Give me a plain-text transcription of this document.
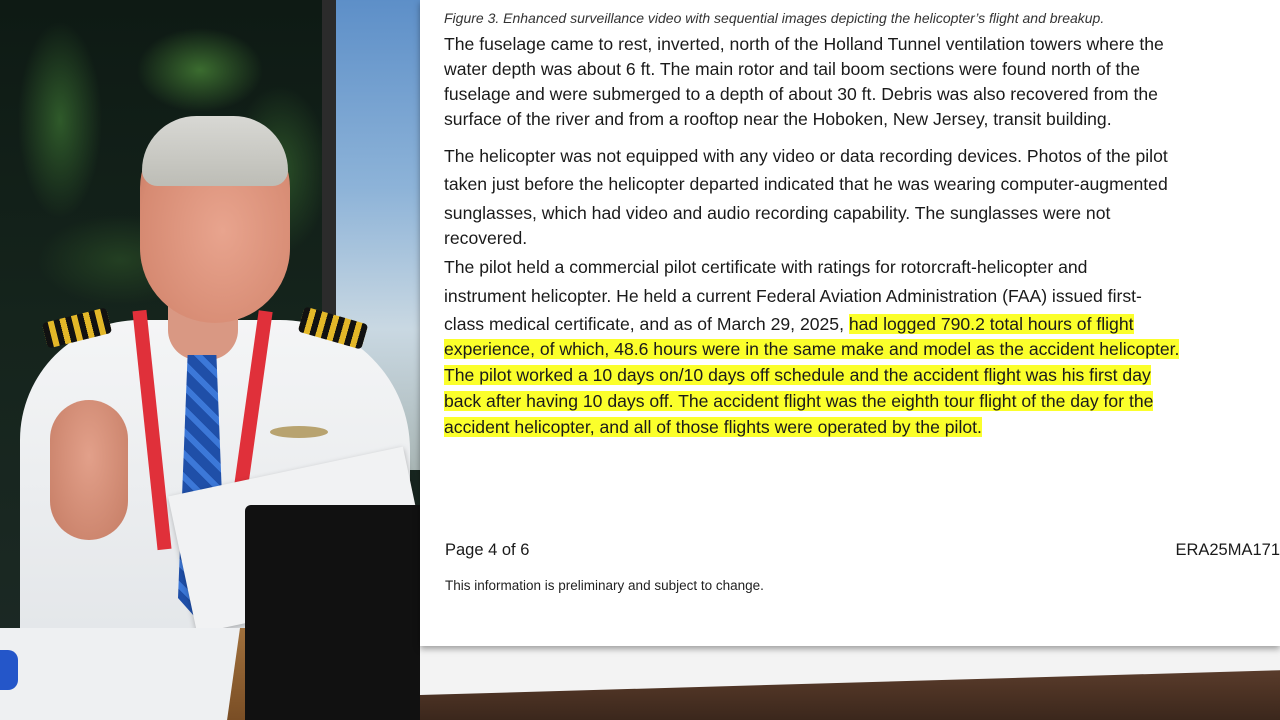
Figure 3. Enhanced surveillance video with sequential images depicting the helicopter’s flight and breakup.
The fuselage came to rest, inverted, north of the Holland Tunnel ventilation towers where the
water depth was about 6 ft. The main rotor and tail boom sections were found north of the
fuselage and were submerged to a depth of about 30 ft. Debris was also recovered from the
surface of the river and from a rooftop near the Hoboken, New Jersey, transit building.
The helicopter was not equipped with any video or data recording devices. Photos of the pilot
taken just before the helicopter departed indicated that he was wearing computer-augmented
sunglasses, which had video and audio recording capability. The sunglasses were not
recovered.
The pilot held a commercial pilot certificate with ratings for rotorcraft-helicopter and
instrument helicopter. He held a current Federal Aviation Administration (FAA) issued first-
class medical certificate, and as of March 29, 2025, had logged 790.2 total hours of flight
experience, of which, 48.6 hours were in the same make and model as the accident helicopter.
The pilot worked a 10 days on/10 days off schedule and the accident flight was his first day
back after having 10 days off. The accident flight was the eighth tour flight of the day for the
accident helicopter, and all of those flights were operated by the pilot.
Page 4 of 6	ERA25MA171
This information is preliminary and subject to change.
